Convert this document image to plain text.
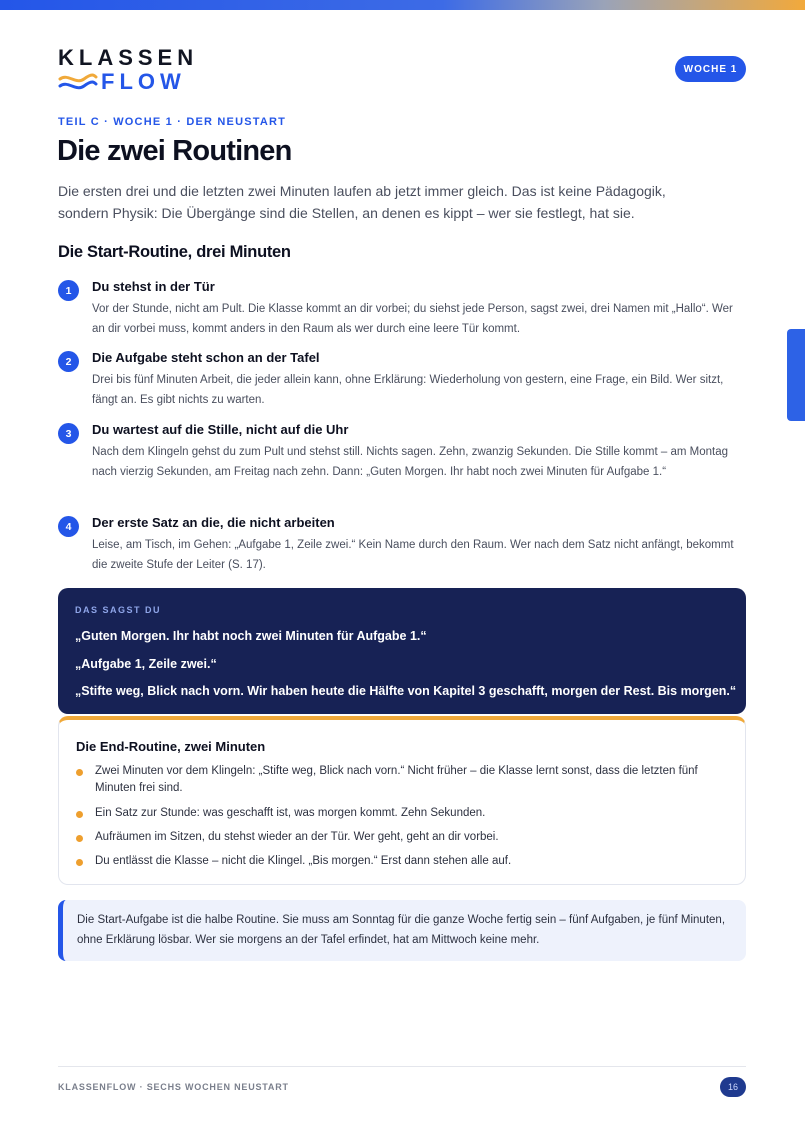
KLASSEN
FLOW	WOCHE 1
TEIL C · WOCHE 1 · DER NEUSTART
Die zwei Routinen

Die ersten drei und die letzten zwei Minuten laufen ab jetzt immer gleich. Das ist keine Pädagogik, sondern Physik: Die Übergänge sind die Stellen, an denen es kippt – wer sie festlegt, hat sie.

Die Start-Routine, drei Minuten
1	Du stehst in der Tür
Vor der Stunde, nicht am Pult. Die Klasse kommt an dir vorbei; du siehst jede Person, sagst zwei, drei Namen mit „Hallo“. Wer an dir vorbei muss, kommt anders in den Raum als wer durch eine leere Tür kommt.
2	Die Aufgabe steht schon an der Tafel
Drei bis fünf Minuten Arbeit, die jeder allein kann, ohne Erklärung: Wiederholung von gestern, eine Frage, ein Bild. Wer sitzt, fängt an. Es gibt nichts zu warten.
3	Du wartest auf die Stille, nicht auf die Uhr
Nach dem Klingeln gehst du zum Pult und stehst still. Nichts sagen. Zehn, zwanzig Sekunden. Die Stille kommt – am Montag nach vierzig Sekunden, am Freitag nach zehn. Dann: „Guten Morgen. Ihr habt noch zwei Minuten für Aufgabe 1.“
4	Der erste Satz an die, die nicht arbeiten
Leise, am Tisch, im Gehen: „Aufgabe 1, Zeile zwei.“ Kein Name durch den Raum. Wer nach dem Satz nicht anfängt, bekommt die zweite Stufe der Leiter (S. 17).
DAS SAGST DU
„Guten Morgen. Ihr habt noch zwei Minuten für Aufgabe 1.“
„Aufgabe 1, Zeile zwei.“
„Stifte weg, Blick nach vorn. Wir haben heute die Hälfte von Kapitel 3 geschafft, morgen der Rest. Bis morgen.“
Die End-Routine, zwei Minuten
Zwei Minuten vor dem Klingeln: „Stifte weg, Blick nach vorn.“ Nicht früher – die Klasse lernt sonst, dass die letzten fünf Minuten frei sind.
Ein Satz zur Stunde: was geschafft ist, was morgen kommt. Zehn Sekunden.
Aufräumen im Sitzen, du stehst wieder an der Tür. Wer geht, geht an dir vorbei.
Du entlässt die Klasse – nicht die Klingel. „Bis morgen.“ Erst dann stehen alle auf.
Die Start-Aufgabe ist die halbe Routine. Sie muss am Sonntag für die ganze Woche fertig sein – fünf Aufgaben, je fünf Minuten, ohne Erklärung lösbar. Wer sie morgens an der Tafel erfindet, hat am Mittwoch keine mehr.
KLASSENFLOW · SECHS WOCHEN NEUSTART	16
